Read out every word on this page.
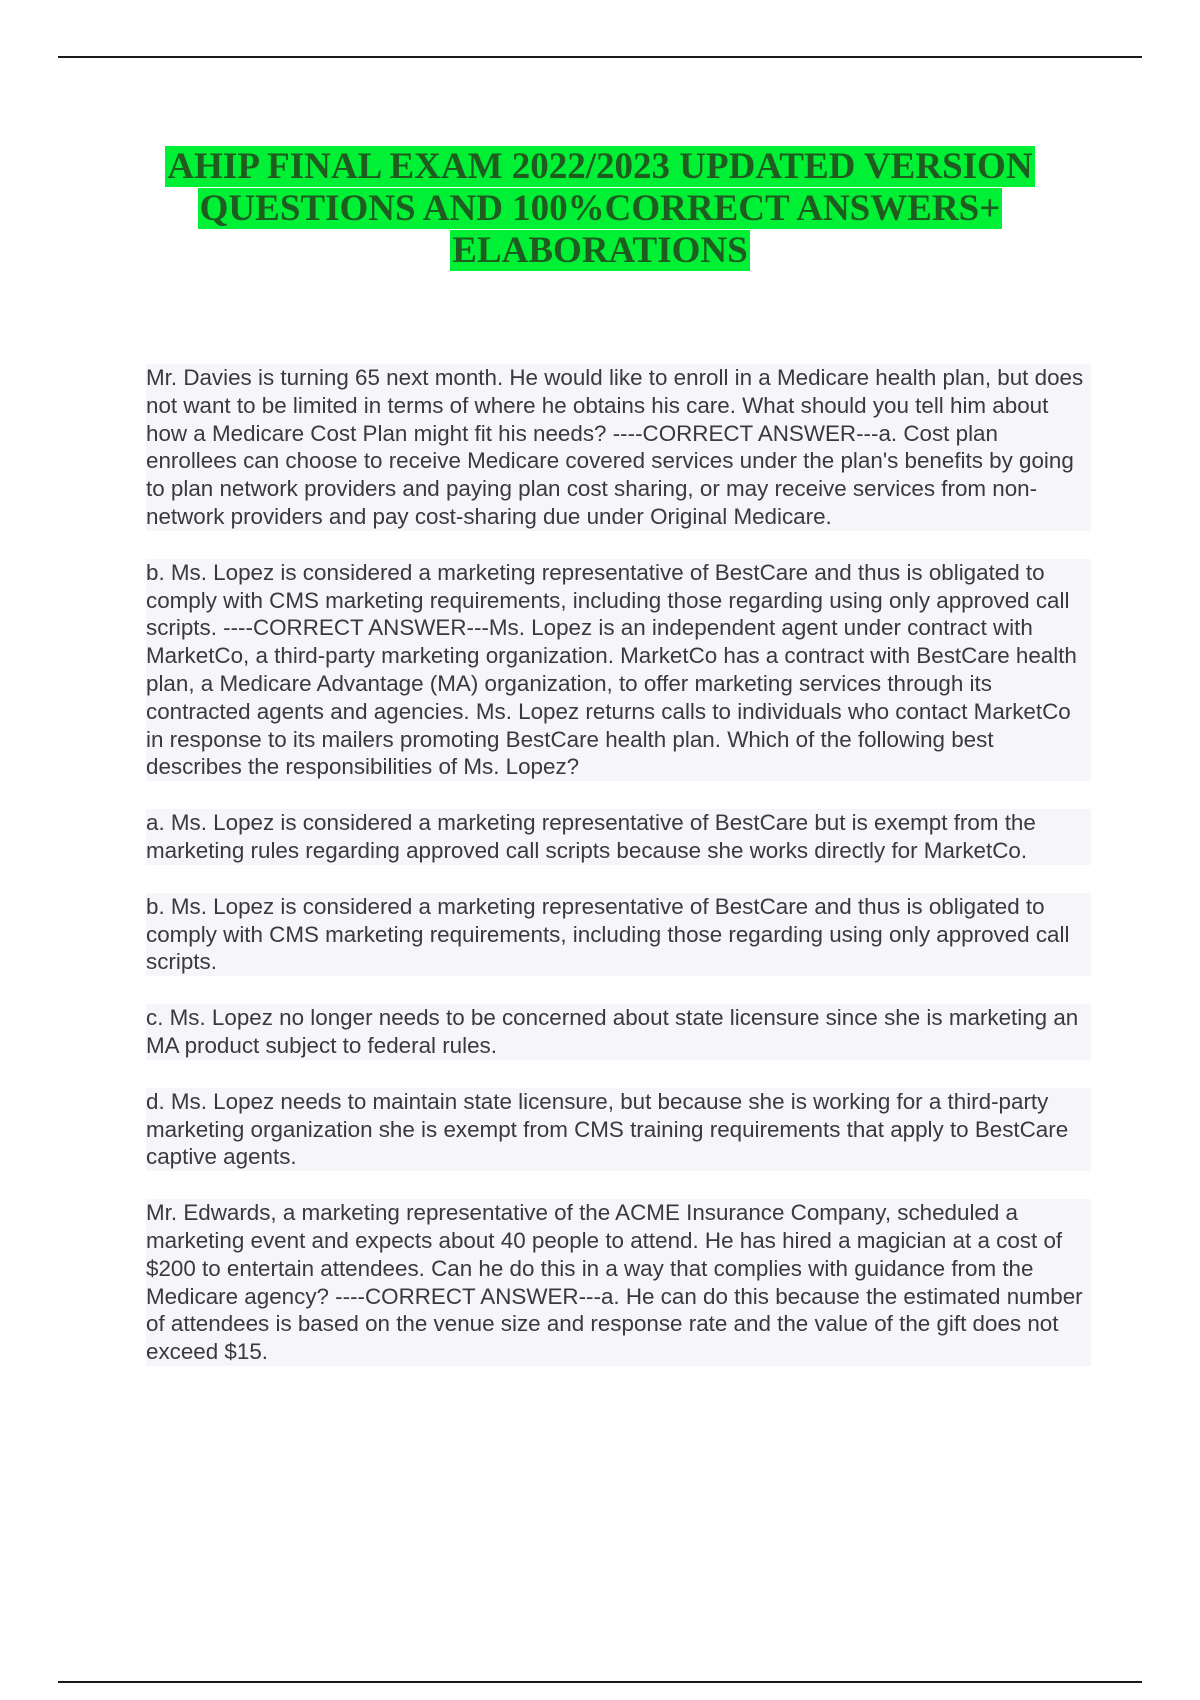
AHIP FINAL EXAM 2022/2023 UPDATED VERSION QUESTIONS AND 100%CORRECT ANSWERS+ ELABORATIONS

Mr. Davies is turning 65 next month. He would like to enroll in a Medicare health plan, but does not want to be limited in terms of where he obtains his care. What should you tell him about how a Medicare Cost Plan might fit his needs? ----CORRECT ANSWER---a. Cost plan enrollees can choose to receive Medicare covered services under the plan's benefits by going to plan network providers and paying plan cost sharing, or may receive services from non-network providers and pay cost-sharing due under Original Medicare.

b. Ms. Lopez is considered a marketing representative of BestCare and thus is obligated to comply with CMS marketing requirements, including those regarding using only approved call scripts. ----CORRECT ANSWER---Ms. Lopez is an independent agent under contract with MarketCo, a third-party marketing organization. MarketCo has a contract with BestCare health plan, a Medicare Advantage (MA) organization, to offer marketing services through its contracted agents and agencies. Ms. Lopez returns calls to individuals who contact MarketCo in response to its mailers promoting BestCare health plan. Which of the following best describes the responsibilities of Ms. Lopez?

a. Ms. Lopez is considered a marketing representative of BestCare but is exempt from the marketing rules regarding approved call scripts because she works directly for MarketCo.

b. Ms. Lopez is considered a marketing representative of BestCare and thus is obligated to comply with CMS marketing requirements, including those regarding using only approved call scripts.

c. Ms. Lopez no longer needs to be concerned about state licensure since she is marketing an MA product subject to federal rules.

d. Ms. Lopez needs to maintain state licensure, but because she is working for a third-party marketing organization she is exempt from CMS training requirements that apply to BestCare captive agents.

Mr. Edwards, a marketing representative of the ACME Insurance Company, scheduled a marketing event and expects about 40 people to attend. He has hired a magician at a cost of $200 to entertain attendees. Can he do this in a way that complies with guidance from the Medicare agency? ----CORRECT ANSWER---a. He can do this because the estimated number of attendees is based on the venue size and response rate and the value of the gift does not exceed $15.
